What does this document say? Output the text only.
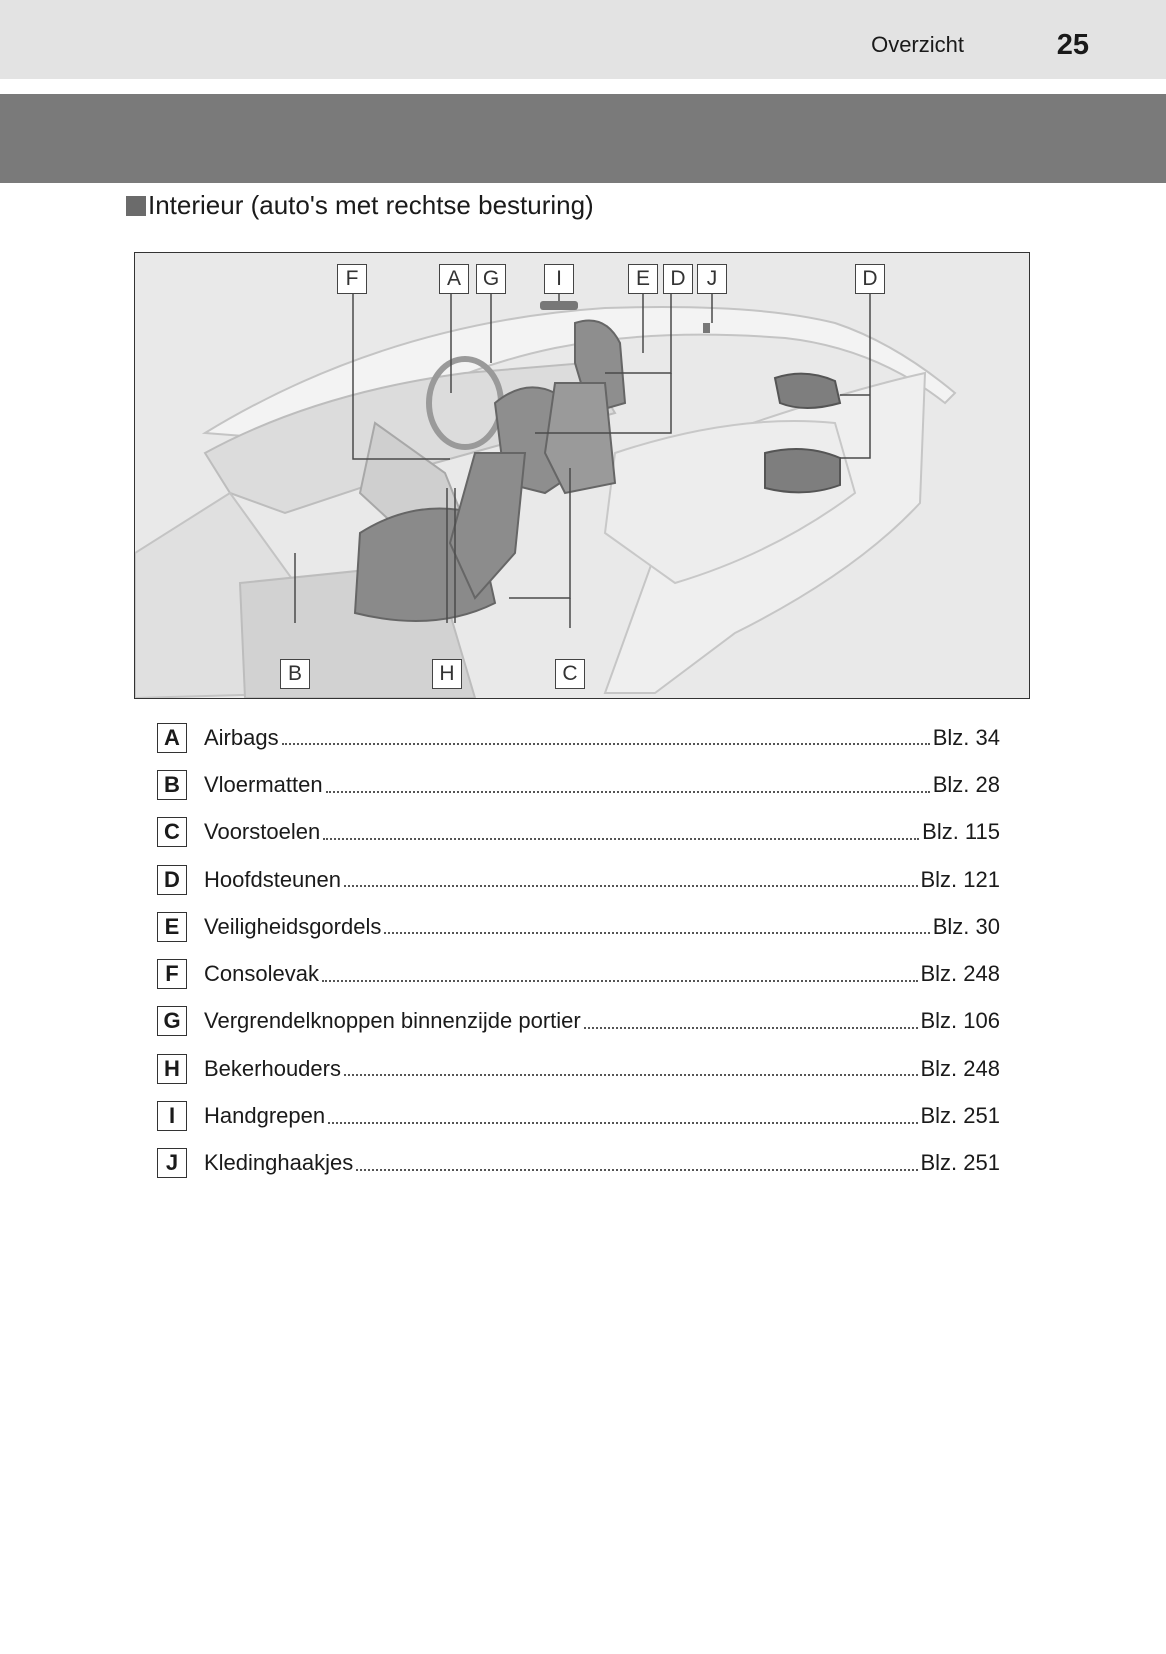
Overzicht	25
Interieur (auto's met rechtse besturing)
F	A	G	I	E D	J	D
B	H	C
A	Airbags	Blz. 34
B	Vloermatten	Blz. 28
C	Voorstoelen	Blz. 115
D	Hoofdsteunen	Blz. 121
E	Veiligheidsgordels	Blz. 30
F	Consolevak	Blz. 248
G Vergrendelknoppen binnenzijde portier	Blz. 106
H	Bekerhouders	Blz. 248
I	Handgrepen	Blz. 251
J	Kledinghaakjes	Blz. 251
